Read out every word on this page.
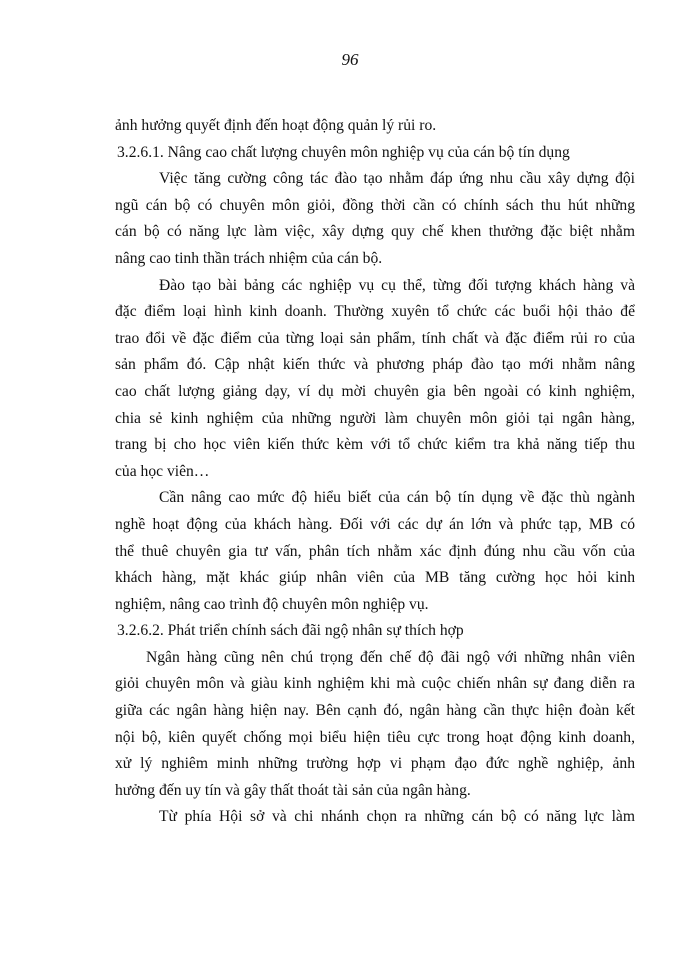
96
ảnh hưởng quyết định đến hoạt động quản lý rủi ro.
3.2.6.1. Nâng cao chất lượng chuyên môn nghiệp vụ của cán bộ tín dụng
Việc tăng cường công tác đào tạo nhằm đáp ứng nhu cầu xây dựng đội
ngũ cán bộ có chuyên môn giỏi, đồng thời cần có chính sách thu hút những
cán bộ có năng lực làm việc, xây dựng quy chế khen thưởng đặc biệt nhằm
nâng cao tinh thần trách nhiệm của cán bộ.
Đào tạo bài bảng các nghiệp vụ cụ thể, từng đối tượng khách hàng và
đặc điểm loại hình kinh doanh. Thường xuyên tổ chức các buổi hội thảo để
trao đổi về đặc điểm của từng loại sản phẩm, tính chất và đặc điểm rủi ro của
sản phẩm đó. Cập nhật kiến thức và phương pháp đào tạo mới nhằm nâng
cao chất lượng giảng dạy, ví dụ mời chuyên gia bên ngoài có kinh nghiệm,
chia sẻ kinh nghiệm của những người làm chuyên môn giỏi tại ngân hàng,
trang bị cho học viên kiến thức kèm với tổ chức kiểm tra khả năng tiếp thu
của học viên…
Cần nâng cao mức độ hiểu biết của cán bộ tín dụng về đặc thù ngành
nghề hoạt động của khách hàng. Đối với các dự án lớn và phức tạp, MB có
thể thuê chuyên gia tư vấn, phân tích nhằm xác định đúng nhu cầu vốn của
khách hàng, mặt khác giúp nhân viên của MB tăng cường học hỏi kinh
nghiệm, nâng cao trình độ chuyên môn nghiệp vụ.
3.2.6.2. Phát triển chính sách đãi ngộ nhân sự thích hợp
Ngân hàng cũng nên chú trọng đến chế độ đãi ngộ với những nhân viên
giỏi chuyên môn và giàu kinh nghiệm khi mà cuộc chiến nhân sự đang diễn ra
giữa các ngân hàng hiện nay. Bên cạnh đó, ngân hàng cần thực hiện đoàn kết
nội bộ, kiên quyết chống mọi biểu hiện tiêu cực trong hoạt động kinh doanh,
xử lý nghiêm minh những trường hợp vi phạm đạo đức nghề nghiệp, ảnh
hưởng đến uy tín và gây thất thoát tài sản của ngân hàng.
Từ phía Hội sở và chi nhánh chọn ra những cán bộ có năng lực làm
